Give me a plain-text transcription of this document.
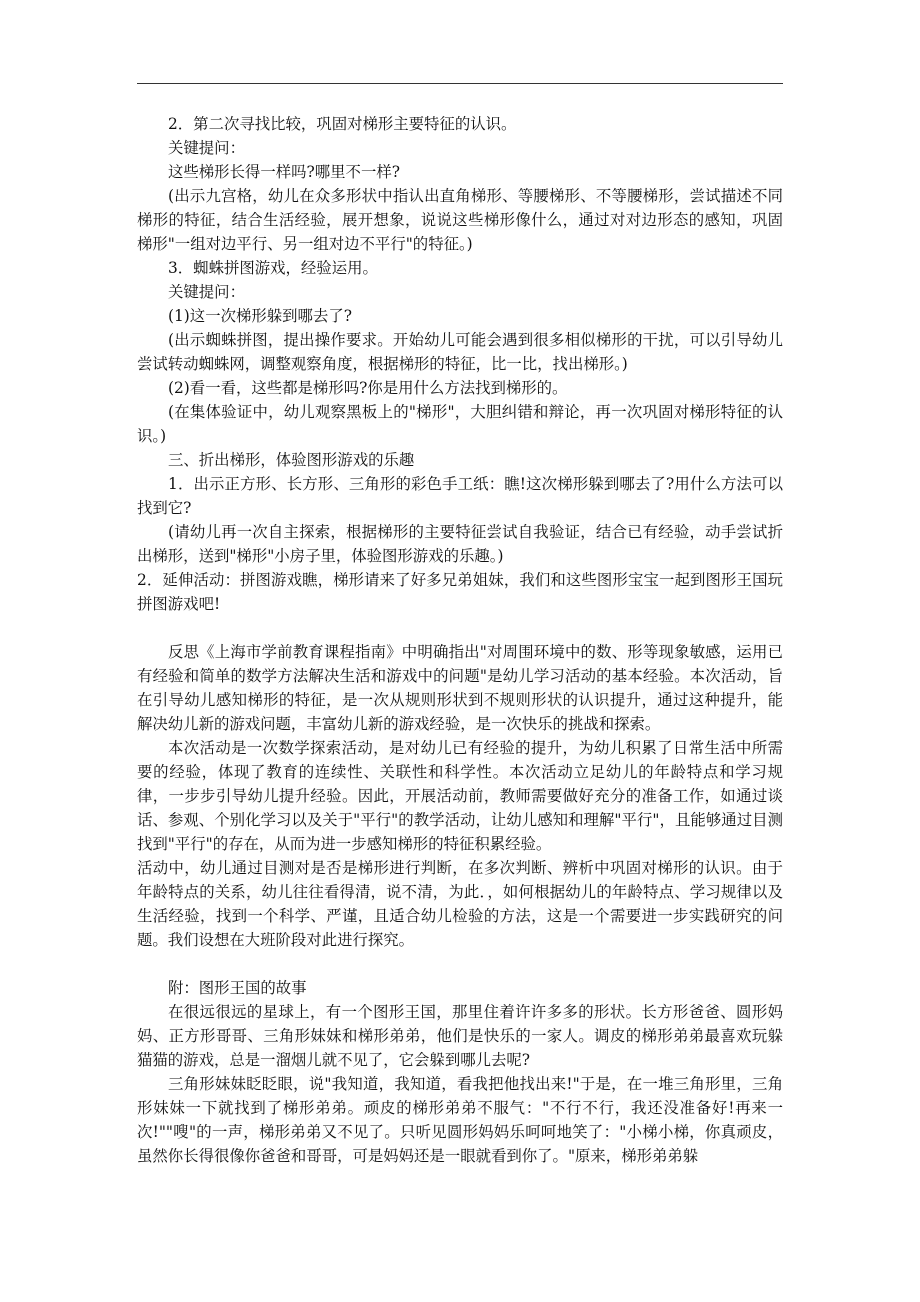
2．第二次寻找比较，巩固对梯形主要特征的认识。

关键提问：

这些梯形长得一样吗?哪里不一样?

(出示九宫格，幼儿在众多形状中指认出直角梯形、等腰梯形、不等腰梯形，尝试描述不同梯形的特征，结合生活经验，展开想象，说说这些梯形像什么，通过对对边形态的感知，巩固梯形"一组对边平行、另一组对边不平行"的特征。)

3．蜘蛛拼图游戏，经验运用。

关键提问：

(1)这一次梯形躲到哪去了?

(出示蜘蛛拼图，提出操作要求。开始幼儿可能会遇到很多相似梯形的干扰，可以引导幼儿尝试转动蜘蛛网，调整观察角度，根据梯形的特征，比一比，找出梯形。)

(2)看一看，这些都是梯形吗?你是用什么方法找到梯形的。

(在集体验证中，幼儿观察黑板上的"梯形"，大胆纠错和辩论，再一次巩固对梯形特征的认识。)

三、折出梯形，体验图形游戏的乐趣

1．出示正方形、长方形、三角形的彩色手工纸：瞧!这次梯形躲到哪去了?用什么方法可以找到它?

(请幼儿再一次自主探索，根据梯形的主要特征尝试自我验证，结合已有经验，动手尝试折出梯形，送到"梯形"小房子里，体验图形游戏的乐趣。)

2．延伸活动：拼图游戏瞧，梯形请来了好多兄弟姐妹，我们和这些图形宝宝一起到图形王国玩拼图游戏吧!

反思《上海市学前教育课程指南》中明确指出"对周围环境中的数、形等现象敏感，运用已有经验和简单的数学方法解决生活和游戏中的问题"是幼儿学习活动的基本经验。本次活动，旨在引导幼儿感知梯形的特征，是一次从规则形状到不规则形状的认识提升，通过这种提升，能解决幼儿新的游戏问题，丰富幼儿新的游戏经验，是一次快乐的挑战和探索。

本次活动是一次数学探索活动，是对幼儿已有经验的提升，为幼儿积累了日常生活中所需要的经验，体现了教育的连续性、关联性和科学性。本次活动立足幼儿的年龄特点和学习规律，一步步引导幼儿提升经验。因此，开展活动前，教师需要做好充分的准备工作，如通过谈话、参观、个别化学习以及关于"平行"的教学活动，让幼儿感知和理解"平行"，且能够通过目测找到"平行"的存在，从而为进一步感知梯形的特征积累经验。

活动中，幼儿通过目测对是否是梯形进行判断，在多次判断、辨析中巩固对梯形的认识。由于年龄特点的关系，幼儿往往看得清，说不清，为此．，如何根据幼儿的年龄特点、学习规律以及生活经验，找到一个科学、严谨，且适合幼儿检验的方法，这是一个需要进一步实践研究的问题。我们设想在大班阶段对此进行探究。

附：图形王国的故事

在很远很远的星球上，有一个图形王国，那里住着许许多多的形状。长方形爸爸、圆形妈妈、正方形哥哥、三角形妹妹和梯形弟弟，他们是快乐的一家人。调皮的梯形弟弟最喜欢玩躲猫猫的游戏，总是一溜烟儿就不见了，它会躲到哪儿去呢?

三角形妹妹眨眨眼，说"我知道，我知道，看我把他找出来!"于是，在一堆三角形里，三角形妹妹一下就找到了梯形弟弟。顽皮的梯形弟弟不服气："不行不行，我还没准备好!再来一次!""嗖"的一声，梯形弟弟又不见了。只听见圆形妈妈乐呵呵地笑了："小梯小梯，你真顽皮，虽然你长得很像你爸爸和哥哥，可是妈妈还是一眼就看到你了。"原来，梯形弟弟躲
